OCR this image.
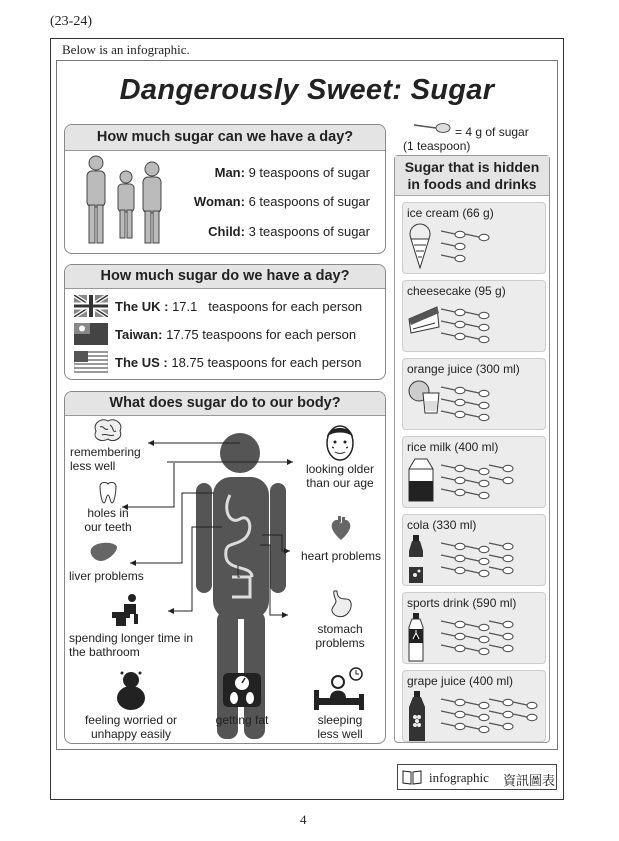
(23-24)
Below is an infographic.
Dangerously Sweet: Sugar
= 4 g of sugar
(1 teaspoon)
How much sugar can we have a day?
Man: 9 teaspoons of sugar
Woman: 6 teaspoons of sugar
Child: 3 teaspoons of sugar
How much sugar do we have a day?
The UK : 17.1   teaspoons for each person
Taiwan: 17.75 teaspoons for each person
The US : 18.75 teaspoons for each person
What does sugar do to our body?
remembering less well
holes in our teeth
liver problems
spending longer time in the bathroom
feeling worried or unhappy easily
getting fat	sleeping less well
looking older than our age
heart problems
stomach problems
Sugar that is hidden
in foods and drinks
ice cream (66 g)
cheesecake (95 g)
orange juice (300 ml)
rice milk (400 ml)
cola (330 ml)
sports drink (590 ml)
grape juice (400 ml)
infographic 資訊圖表
4
